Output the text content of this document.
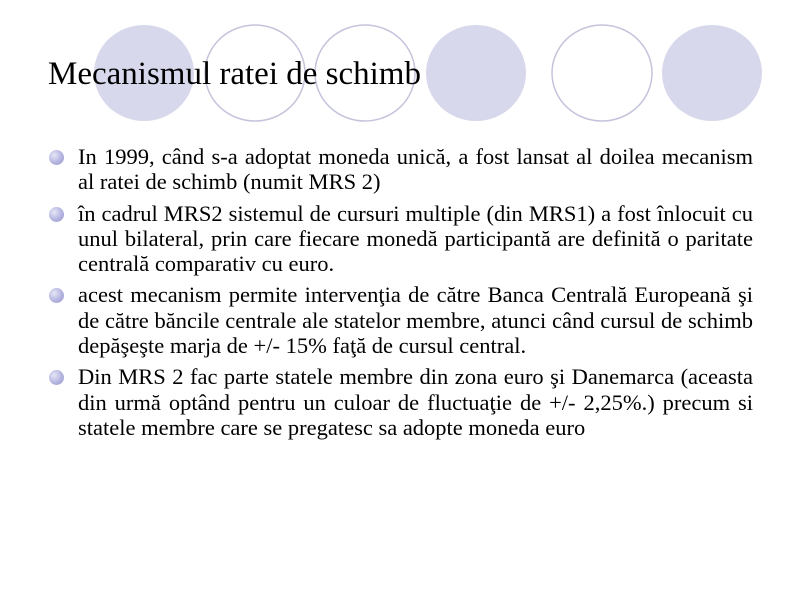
Mecanismul ratei de schimb
In 1999, când s-a adoptat moneda unică, a fost lansat al doilea mecanism al ratei de schimb (numit MRS 2)
în cadrul MRS2 sistemul de cursuri multiple (din MRS1) a fost înlocuit cu unul bilateral, prin care fiecare monedă participantă are definită o paritate centrală comparativ cu euro.
acest mecanism permite intervenţia de către Banca Centrală Europeană şi de către băncile centrale ale statelor membre, atunci când cursul de schimb depăşeşte marja de +/- 15% faţă de cursul central.
Din MRS 2 fac parte statele membre din zona euro şi Danemarca (aceasta din urmă optând pentru un culoar de fluctuaţie de +/- 2,25%.) precum si statele membre care se pregatesc sa adopte moneda euro
